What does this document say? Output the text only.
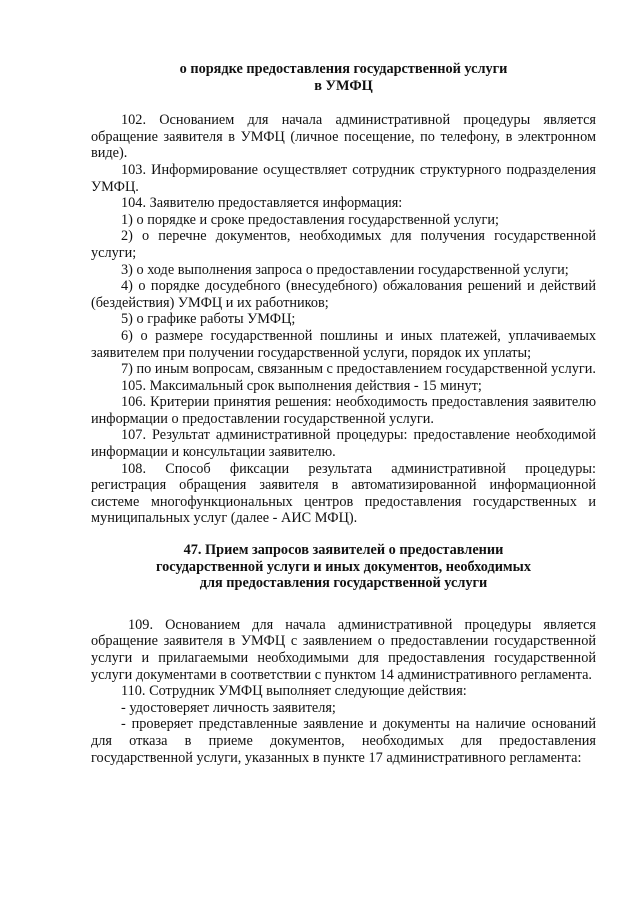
о порядке предоставления государственной услуги
в УМФЦ

102. Основанием для начала административной процедуры является обращение заявителя в УМФЦ (личное посещение, по телефону, в электронном виде).

103. Информирование осуществляет сотрудник структурного подразделения УМФЦ.

104. Заявителю предоставляется информация:

1) о порядке и сроке предоставления государственной услуги;

2) о перечне документов, необходимых для получения государственной услуги;

3) о ходе выполнения запроса о предоставлении государственной услуги;

4) о порядке досудебного (внесудебного) обжалования решений и действий (бездействия) УМФЦ и их работников;

5) о графике работы УМФЦ;

6) о размере государственной пошлины и иных платежей, уплачиваемых заявителем при получении государственной услуги, порядок их уплаты;

7) по иным вопросам, связанным с предоставлением государственной услуги.

105. Максимальный срок выполнения действия - 15 минут;

106. Критерии принятия решения: необходимость предоставления заявителю информации о предоставлении государственной услуги.

107. Результат административной процедуры: предоставление необходимой информации и консультации заявителю.

108. Способ фиксации результата административной процедуры: регистрация обращения заявителя в автоматизированной информационной системе многофункциональных центров предоставления государственных и муниципальных услуг (далее - АИС МФЦ).

47. Прием запросов заявителей о предоставлении
государственной услуги и иных документов, необходимых
для предоставления государственной услуги

109. Основанием для начала административной процедуры является обращение заявителя в УМФЦ с заявлением о предоставлении государственной услуги и прилагаемыми необходимыми для предоставления государственной услуги документами в соответствии с пунктом 14 административного регламента.

110. Сотрудник УМФЦ выполняет следующие действия:

- удостоверяет личность заявителя;

- проверяет представленные заявление и документы на наличие оснований для отказа в приеме документов, необходимых для предоставления государственной услуги, указанных в пункте 17 административного регламента:
